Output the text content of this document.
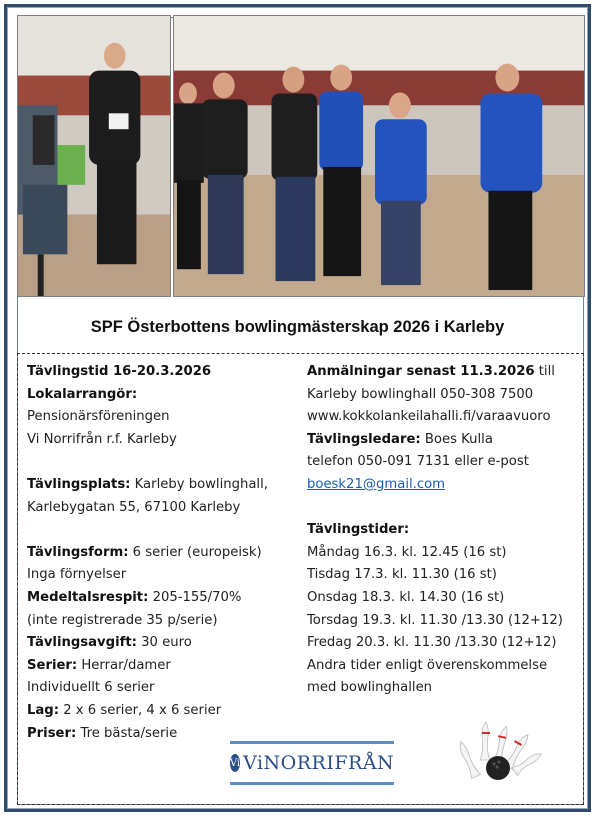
SPF Österbottens bowlingmästerskap 2026 i Karleby
Tävlingstid 16-20.3.2026
Lokalarrangör:
Pensionärsföreningen
Vi Norrifrån r.f. Karleby
Tävlingsplats: Karleby bowlinghall,
Karlebygatan 55, 67100 Karleby
Tävlingsform: 6 serier (europeisk)
Inga förnyelser
Medeltalsrespit: 205-155/70%
(inte registrerade 35 p/serie)
Tävlingsavgift: 30 euro
Serier: Herrar/damer
Individuellt 6 serier
Lag: 2 x 6 serier, 4 x 6 serier
Priser: Tre bästa/serie
Anmälningar senast 11.3.2026 till
Karleby bowlinghall 050-308 7500
www.kokkolankeilahalli.fi/varaavuoro
Tävlingsledare: Boes Kulla
telefon 050-091 7131 eller e-post
boesk21@gmail.com
Tävlingstider:
Måndag 16.3. kl. 12.45 (16 st)
Tisdag 17.3. kl. 11.30 (16 st)
Onsdag 18.3. kl. 14.30 (16 st)
Torsdag 19.3. kl. 11.30 /13.30 (12+12)
Fredag 20.3. kl. 11.30 /13.30 (12+12)
Andra tider enligt överenskommelse
med bowlinghallen
Vi ViNORRIFRÅN
